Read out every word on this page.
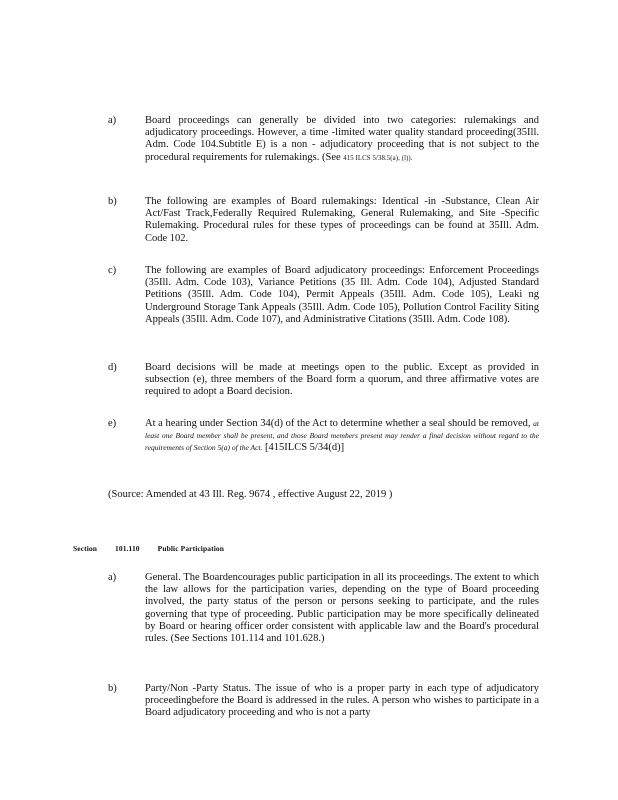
a)	Board proceedings can generally be divided into two categories: rulemakings and adjudicatory proceedings. However, a time -limited water quality standard proceeding(35Ill. Adm. Code 104.Subtitle E) is a non - adjudicatory proceeding that is not subject to the procedural requirements for rulemakings. (See 415 ILCS 5/38.5(a), (l)).
b)	The following are examples of Board rulemakings: Identical -in -Substance, Clean Air Act/Fast Track,Federally Required Rulemaking, General Rulemaking, and Site -Specific Rulemaking. Procedural rules for these types of proceedings can be found at 35Ill. Adm. Code 102.
c)	The following are examples of Board adjudicatory proceedings: Enforcement Proceedings (35Ill. Adm. Code 103), Variance Petitions (35 Ill. Adm. Code 104), Adjusted Standard Petitions (35Ill. Adm. Code 104), Permit Appeals (35Ill. Adm. Code 105), Leaki ng Underground Storage Tank Appeals (35Ill. Adm. Code 105), Pollution Control Facility Siting Appeals (35Ill. Adm. Code 107), and Administrative Citations (35Ill. Adm. Code 108).
d)	Board decisions will be made at meetings open to the public. Except as provided in subsection (e), three members of the Board form a quorum, and three affirmative votes are required to adopt a Board decision.
e)	At a hearing under Section 34(d) of the Act to determine whether a seal should be removed, at least one Board member shall be present, and those Board members present may render a final decision without regard to the requirements of Section 5(a) of the Act. [415ILCS 5/34(d)]
(Source: Amended at 43 Ill. Reg. 9674 , effective August 22, 2019 )
Section 101.110 Public Participation
a)	General. The Boardencourages public participation in all its proceedings. The extent to which the law allows for the participation varies, depending on the type of Board proceeding involved, the party status of the person or persons seeking to participate, and the rules governing that type of proceeding. Public participation may be more specifically delineated by Board or hearing officer order consistent with applicable law and the Board's procedural rules. (See Sections 101.114 and 101.628.)
b)	Party/Non -Party Status. The issue of who is a proper party in each type of adjudicatory proceedingbefore the Board is addressed in the rules. A person who wishes to participate in a Board adjudicatory proceeding and who is not a party
